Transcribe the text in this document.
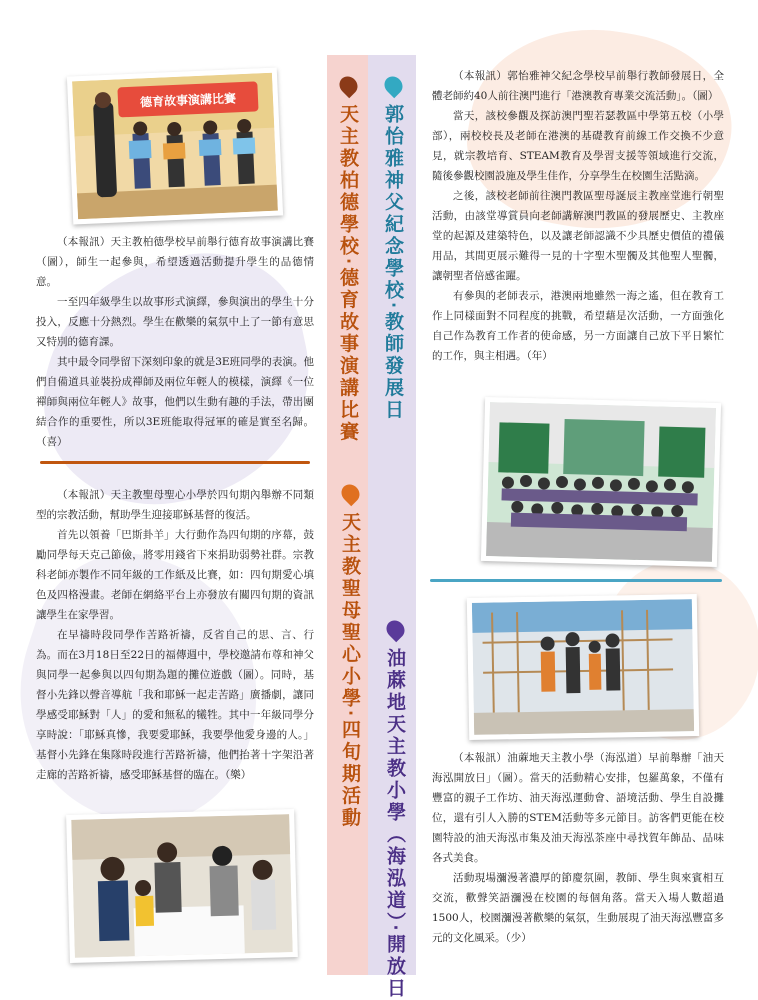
德育故事演講比賽
天主教柏德學校‧德育故事演講比賽 郭怡雅神父紀念學校‧教師發展日
天主教聖母聖心小學‧四旬期活動 油蔴地天主教小學（海泓道）‧開放日

（本報訊）天主教柏德學校早前舉行德育故事演講比賽（圖），師生一起參與，希望透過活動提升學生的品德情意。

一至四年級學生以故事形式演繹，參與演出的學生十分投入，反應十分熱烈。學生在歡樂的氣氛中上了一節有意思又特別的德育課。

其中最令同學留下深刻印象的就是3E班同學的表演。他們自備道具並裝扮成禪師及兩位年輕人的模樣，演繹《一位禪師與兩位年輕人》故事，他們以生動有趣的手法，帶出團結合作的重要性，所以3E班能取得冠軍的確是實至名歸。（喜）

（本報訊）天主教聖母聖心小學於四旬期內舉辦不同類型的宗教活動，幫助學生迎接耶穌基督的復活。

首先以領養「巴斯卦羊」大行動作為四旬期的序幕，鼓勵同學每天克己節儉，將零用錢省下來捐助弱勢社群。宗教科老師亦製作不同年級的工作紙及比賽，如：四旬期愛心填色及四格漫畫。老師在網絡平台上亦發放有關四旬期的資訊讓學生在家學習。

在早禱時段同學作苦路祈禱，反省自己的思、言、行為。而在3月18日至22日的福傳週中，學校邀請布尊和神父與同學一起參與以四旬期為題的攤位遊戲（圖）。同時，基督小先鋒以聲音導航「我和耶穌一起走苦路」廣播劇，讓同學感受耶穌對「人」的愛和無私的犧牲。其中一年級同學分享時說：「耶穌真慘，我要愛耶穌，我要學他愛身邊的人。」基督小先鋒在集隊時段進行苦路祈禱，他們抬著十字架沿著走廊的苦路祈禱，感受耶穌基督的臨在。（樂）

（本報訊）郭怡雅神父紀念學校早前舉行教師發展日，全體老師約40人前往澳門進行「港澳教育專業交流活動」。（圖）

當天，該校參觀及探訪澳門聖若瑟教區中學第五校（小學部），兩校校長及老師在港澳的基礎教育前線工作交換不少意見，就宗教培育、STEAM教育及學習支援等領域進行交流，隨後參觀校園設施及學生佳作，分享學生在校園生活點滴。

之後，該校老師前往澳門教區聖母誕辰主教座堂進行朝聖活動，由該堂導賞員向老師講解澳門教區的發展歷史、主教座堂的起源及建築特色，以及讓老師認識不少具歷史價值的禮儀用品，其間更展示難得一見的十字聖木聖髑及其他聖人聖髑，讓朝聖者倍感雀躍。

有參與的老師表示，港澳兩地雖然一海之遙，但在教育工作上同樣面對不同程度的挑戰，希望藉是次活動，一方面強化自己作為教育工作者的使命感，另一方面讓自己放下平日繁忙的工作，與主相遇。（年）

（本報訊）油蔴地天主教小學（海泓道）早前舉辦「油天海泓開放日」（圖）。當天的活動精心安排，包羅萬象，不僅有豐富的親子工作坊、油天海泓運動會、語境活動、學生自設攤位，還有引人入勝的STEM活動等多元節目。訪客們更能在校園特設的油天海泓市集及油天海泓茶座中尋找賀年飾品、品味各式美食。

活動現場瀰漫著濃厚的節慶氛圍，教師、學生與來賓相互交流，歡聲笑語瀰漫在校園的每個角落。當天入場人數超過1500人，校園瀰漫著歡樂的氣氛，生動展現了油天海泓豐富多元的文化風采。（少）
